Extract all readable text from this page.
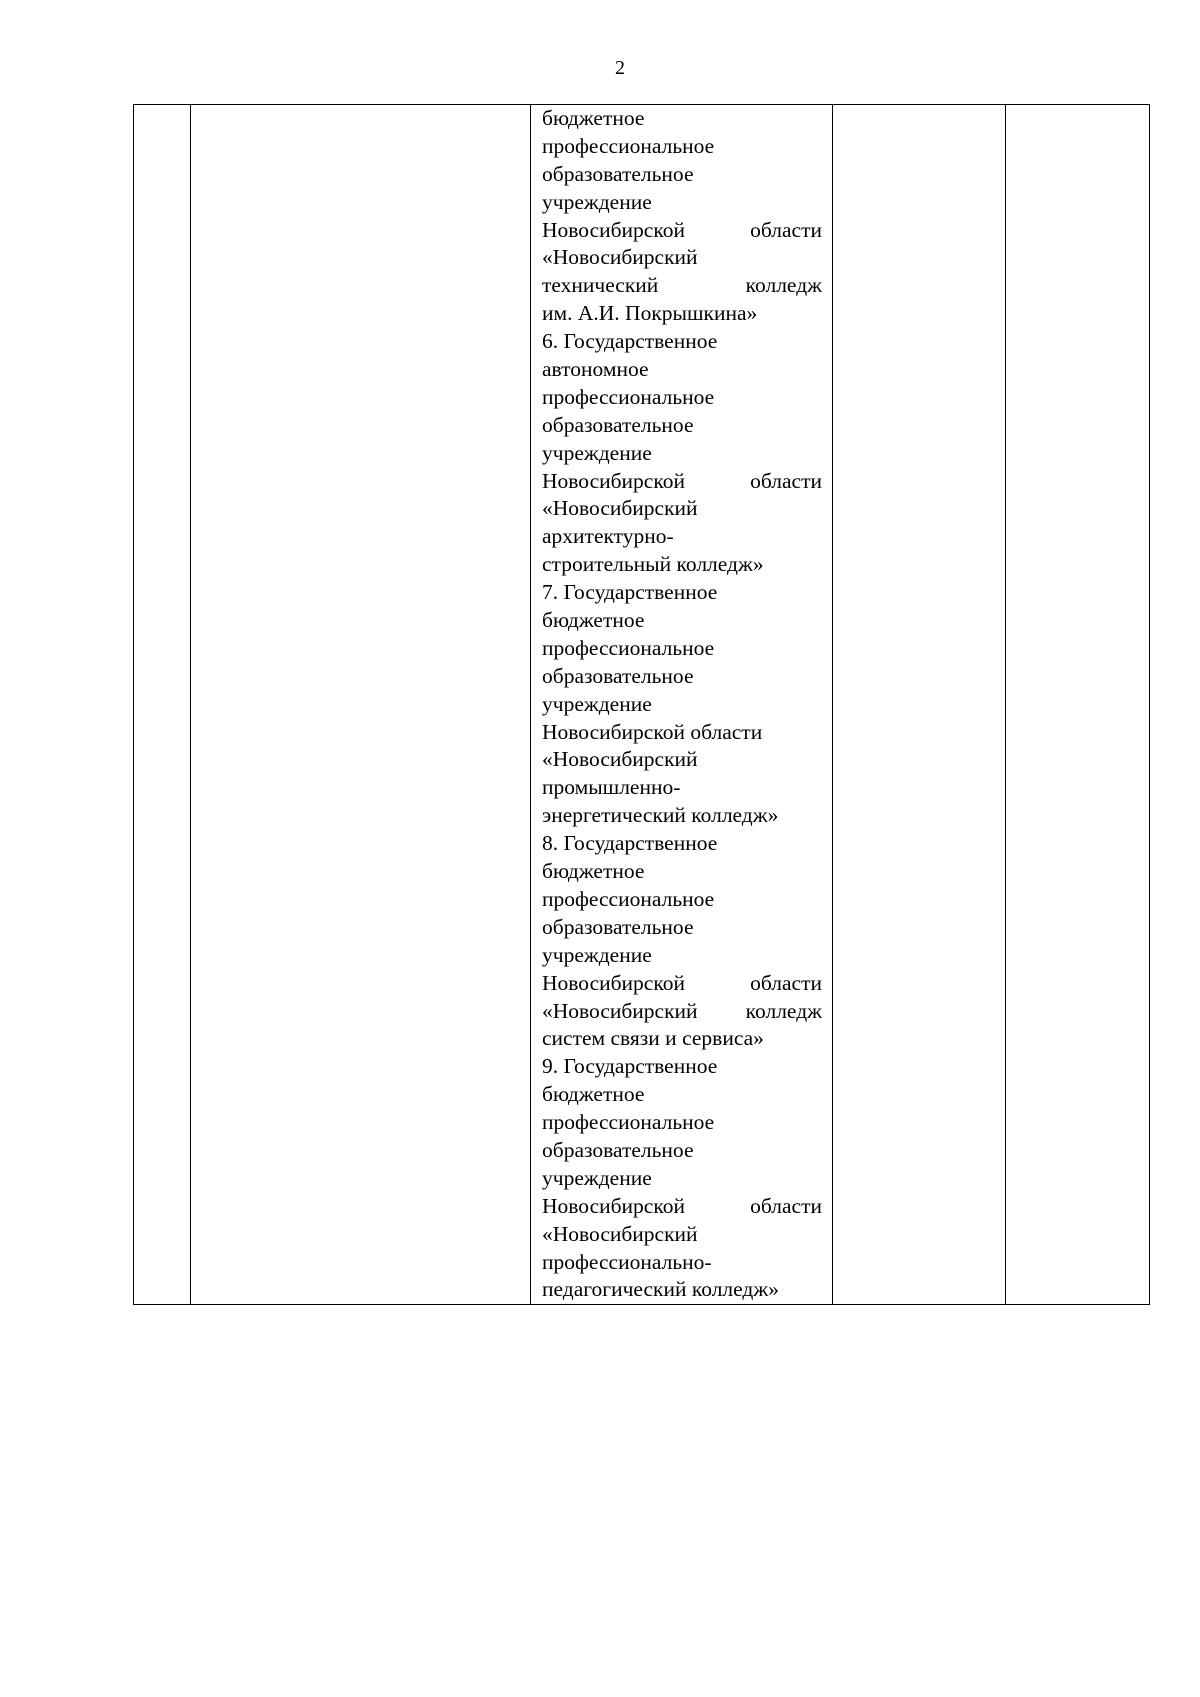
2

бюджетное
профессиональное
образовательное
учреждение
Новосибирской	области
«Новосибирский
технический	колледж
им. А.И. Покрышкина»
6. Государственное
автономное
профессиональное
образовательное
учреждение
Новосибирской	области
«Новосибирский
архитектурно-
строительный колледж»
7. Государственное
бюджетное
профессиональное
образовательное
учреждение
Новосибирской области
«Новосибирский
промышленно-
энергетический колледж»
8. Государственное
бюджетное
профессиональное
образовательное
учреждение
Новосибирской	области
«Новосибирский колледж
систем связи и сервиса»
9. Государственное
бюджетное
профессиональное
образовательное
учреждение
Новосибирской	области
«Новосибирский
профессионально-
педагогический колледж»
